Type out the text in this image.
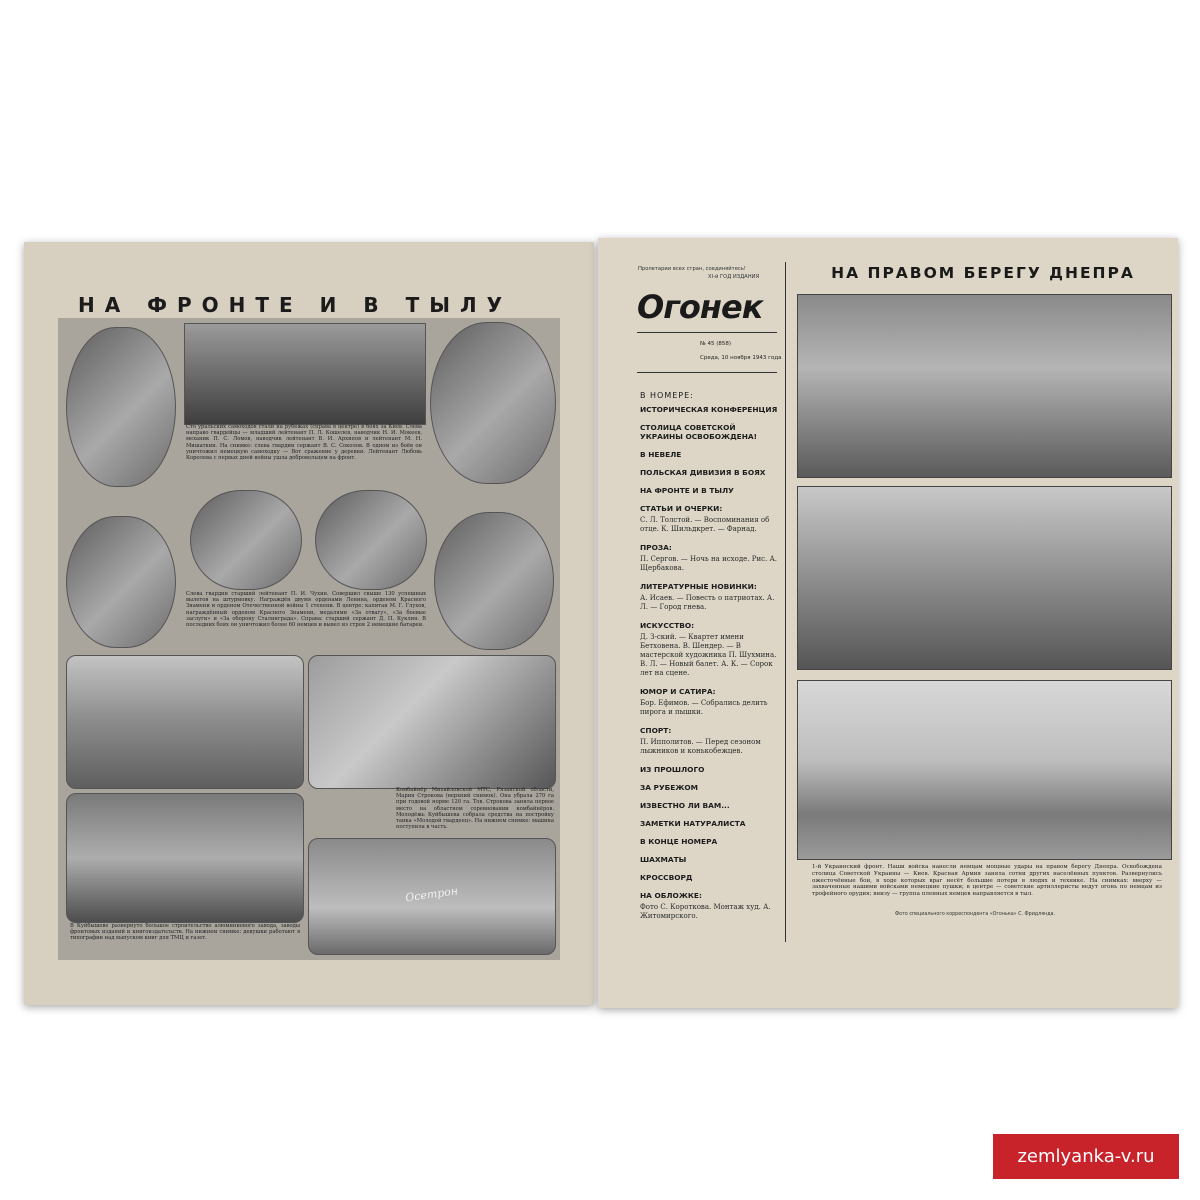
НА ФРОНТЕ И В ТЫЛУ
Сто уральских самоходов стали на рубежах (справа в центре) в боях за Киев. Слева направо гвардейцы — младший лейтенант П. Л. Кошелев, наводчик Н. И. Мокеев, механик П. С. Ломов, наводчик лейтенант В. И. Архипов и лейтенант М. Н. Мишаткин. На снимке: слева гвардии сержант В. С. Соколов. В одном из боёв он уничтожил немецкую самоходку — Вот сражение у деревни. Лейтенант Любовь Королева с первых дней войны ушла добровольцем на фронт.
Слева гвардии старший лейтенант П. И. Чухин. Совершил свыше 130 успешных вылетов на штурмовку. Награждён двумя орденами Ленина, орденом Красного Знамени и орденом Отечественной войны 1 степени. В центре: капитан М. Г. Глухов, награждённый орденом Красного Знамени, медалями «За отвагу», «За боевые заслуги» и «За оборону Сталинграда». Справа: старший сержант Д. П. Куклин. В последних боях он уничтожил более 60 немцев и вывел из строя 2 немецкие батареи.
Комбайнёр Михайловской МТС, Рязанской области, Мария Строкова (верхний снимок). Она убрала 270 га при годовой норме 120 га. Тов. Строкова заняла первое место на областном соревновании комбайнёров. Молодёжь Куйбышева собрала средства на постройку танка «Молодой гвардеец». На нижнем снимке: машина поступила в часть.
Осетрон
В Куйбышеве развернуто большое строительство алюминиевого завода, заводы фронтовых изданий и книгоиздательств. На нижнем снимке: девушки работают в типографии над выпуском книг для ТМЦ и газет.
Пролетарии всех стран, соединяйтесь!
XI-й ГОД ИЗДАНИЯ
Огонек
№ 45 (858)
Среда, 10 ноября 1943 года
В НОМЕРЕ:
ИСТОРИЧЕСКАЯ КОНФЕРЕНЦИЯ
СТОЛИЦА СОВЕТСКОЙ УКРАИНЫ ОСВОБОЖДЕНА!
В НЕВЕЛЕ
ПОЛЬСКАЯ ДИВИЗИЯ В БОЯХ
НА ФРОНТЕ И В ТЫЛУ
СТАТЬИ И ОЧЕРКИ:
С. Л. Толстой. — Воспоминания об отце. К. Шильдкрет. — Фарнад.
ПРОЗА:
П. Сергов. — Ночь на исходе. Рис. А. Щербакова.
ЛИТЕРАТУРНЫЕ НОВИНКИ:
А. Исаев. — Повесть о патриотах. А. Л. — Город гнева.
ИСКУССТВО:
Д. З-ский. — Квартет имени Бетховена. В. Шендер. — В мастерской художника П. Шухмина. В. Л. — Новый балет. А. К. — Сорок лет на сцене.
ЮМОР И САТИРА:
Бор. Ефимов. — Собрались делить пирога и пышки.
СПОРТ:
П. Ипполитов. — Перед сезоном лыжников и конькобежцев.
ИЗ ПРОШЛОГО
ЗА РУБЕЖОМ
ИЗВЕСТНО ЛИ ВАМ...
ЗАМЕТКИ НАТУРАЛИСТА
В КОНЦЕ НОМЕРА
ШАХМАТЫ
КРОССВОРД
НА ОБЛОЖКЕ:
Фото С. Короткова. Монтаж худ. А. Житомирского.
НА ПРАВОМ БЕРЕГУ ДНЕПРА
1-й Украинский фронт. Наши войска нанесли немцам мощные удары на правом берегу Днепра. Освобождена столица Советской Украины — Киев. Красная Армия заняла сотни других населённых пунктов. Развернулись ожесточённые бои, в ходе которых враг несёт большие потери в людях и технике. На снимках: вверху — захваченные нашими войсками немецкие пушки; в центре — советские артиллеристы ведут огонь по немцам из трофейного орудия; внизу — группа пленных немцев направляется в тыл.
Фото специального корреспондента «Огонька» С. Фридлянда.
zemlyanka-v.ru
